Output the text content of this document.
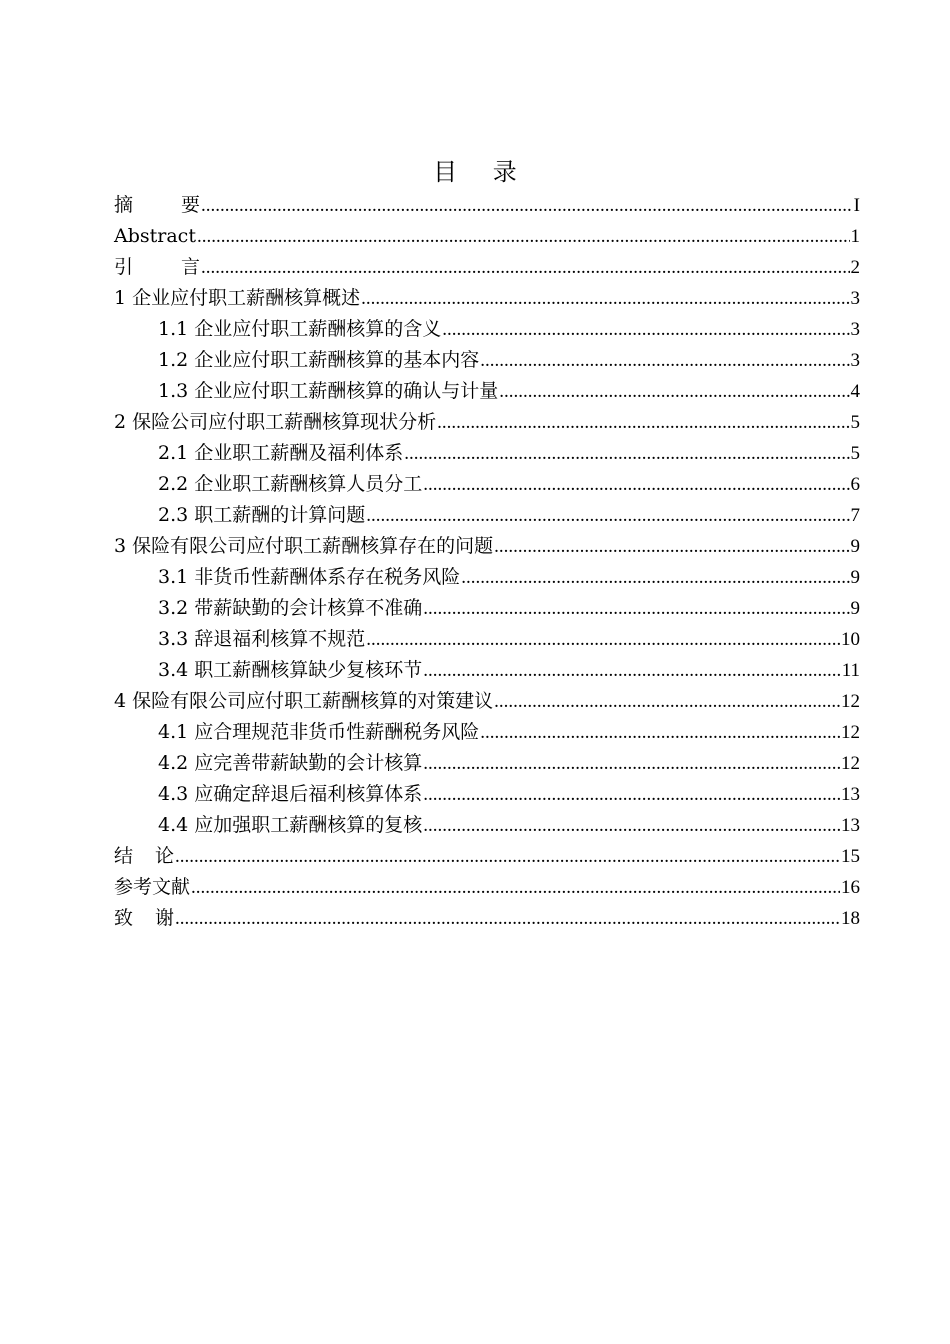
目 录
摘要 .....	I
Abstract .....	1
引言 .....	2
1 企业应付职工薪酬核算概述 .....	3
1.1 企业应付职工薪酬核算的含义 .....	3
1.2 企业应付职工薪酬核算的基本内容 .....	3
1.3 企业应付职工薪酬核算的确认与计量 .....	4
2 保险公司应付职工薪酬核算现状分析 .....	5
2.1 企业职工薪酬及福利体系 .....	5
2.2 企业职工薪酬核算人员分工 .....	6
2.3 职工薪酬的计算问题 .....	7
3 保险有限公司应付职工薪酬核算存在的问题 .....	9
3.1 非货币性薪酬体系存在税务风险 .....	9
3.2 带薪缺勤的会计核算不准确 .....	9
3.3 辞退福利核算不规范 .....	10
3.4 职工薪酬核算缺少复核环节 .....	11
4 保险有限公司应付职工薪酬核算的对策建议 .....	12
4.1 应合理规范非货币性薪酬税务风险 .....	12
4.2 应完善带薪缺勤的会计核算 .....	12
4.3 应确定辞退后福利核算体系 .....	13
4.4 应加强职工薪酬核算的复核 .....	13
结论 .....	15
参考文献 .....	16
致谢 .....	18
